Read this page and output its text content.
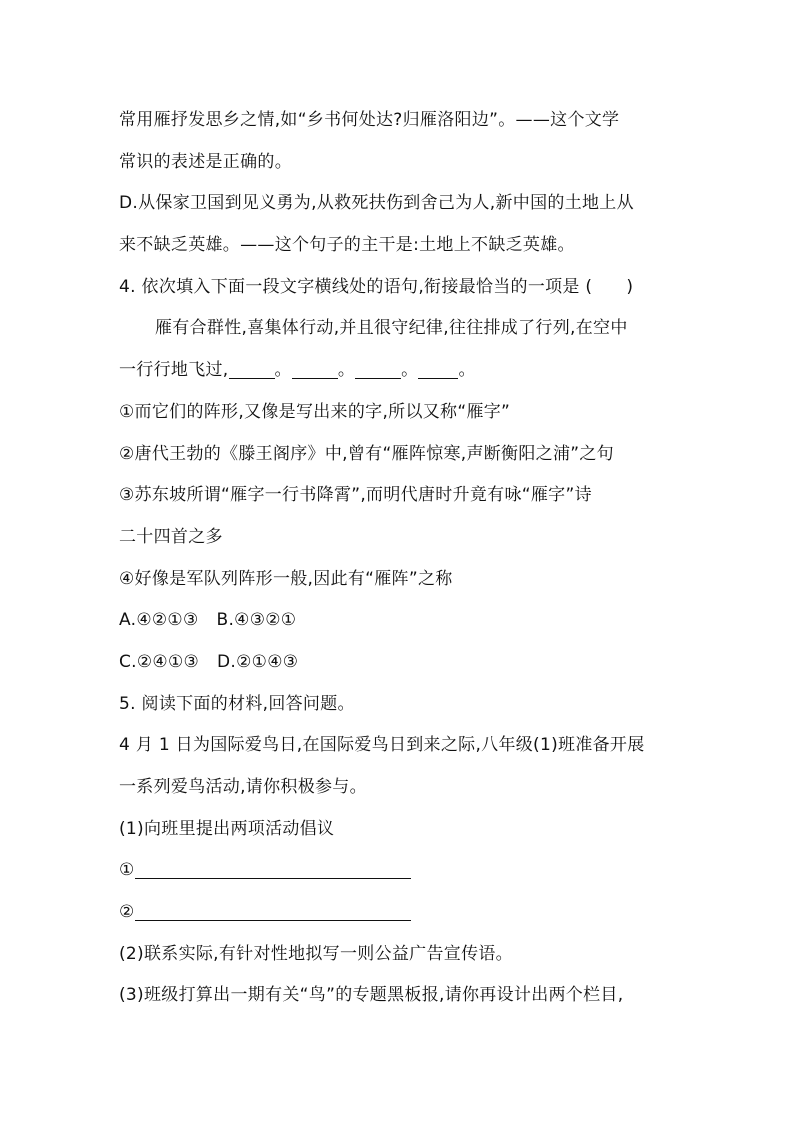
常用雁抒发思乡之情,如“乡书何处达?归雁洛阳边”。——这个文学
常识的表述是正确的。
D.从保家卫国到见义勇为,从救死扶伤到舍己为人,新中国的土地上从
来不缺乏英雄。——这个句子的主干是:土地上不缺乏英雄。
4. 依次填入下面一段文字横线处的语句,衔接最恰当的一项是 ( )
雁有合群性,喜集体行动,并且很守纪律,往往排成了行列,在空中
一行行地飞过,	。	。	。 。
①而它们的阵形,又像是写出来的字,所以又称“雁字”
②唐代王勃的《滕王阁序》中,曾有“雁阵惊寒,声断衡阳之浦”之句
③苏东坡所谓“雁字一行书降霄”,而明代唐时升竟有咏“雁字”诗
二十四首之多
④好像是军队列阵形一般,因此有“雁阵”之称
A.④②①③ B.④③②①
C.②④①③ D.②①④③
5. 阅读下面的材料,回答问题。
4 月 1 日为国际爱鸟日,在国际爱鸟日到来之际,八年级(1)班准备开展
一系列爱鸟活动,请你积极参与。
(1)向班里提出两项活动倡议
①
②
(2)联系实际,有针对性地拟写一则公益广告宣传语。
(3)班级打算出一期有关“鸟”的专题黑板报,请你再设计出两个栏目,
